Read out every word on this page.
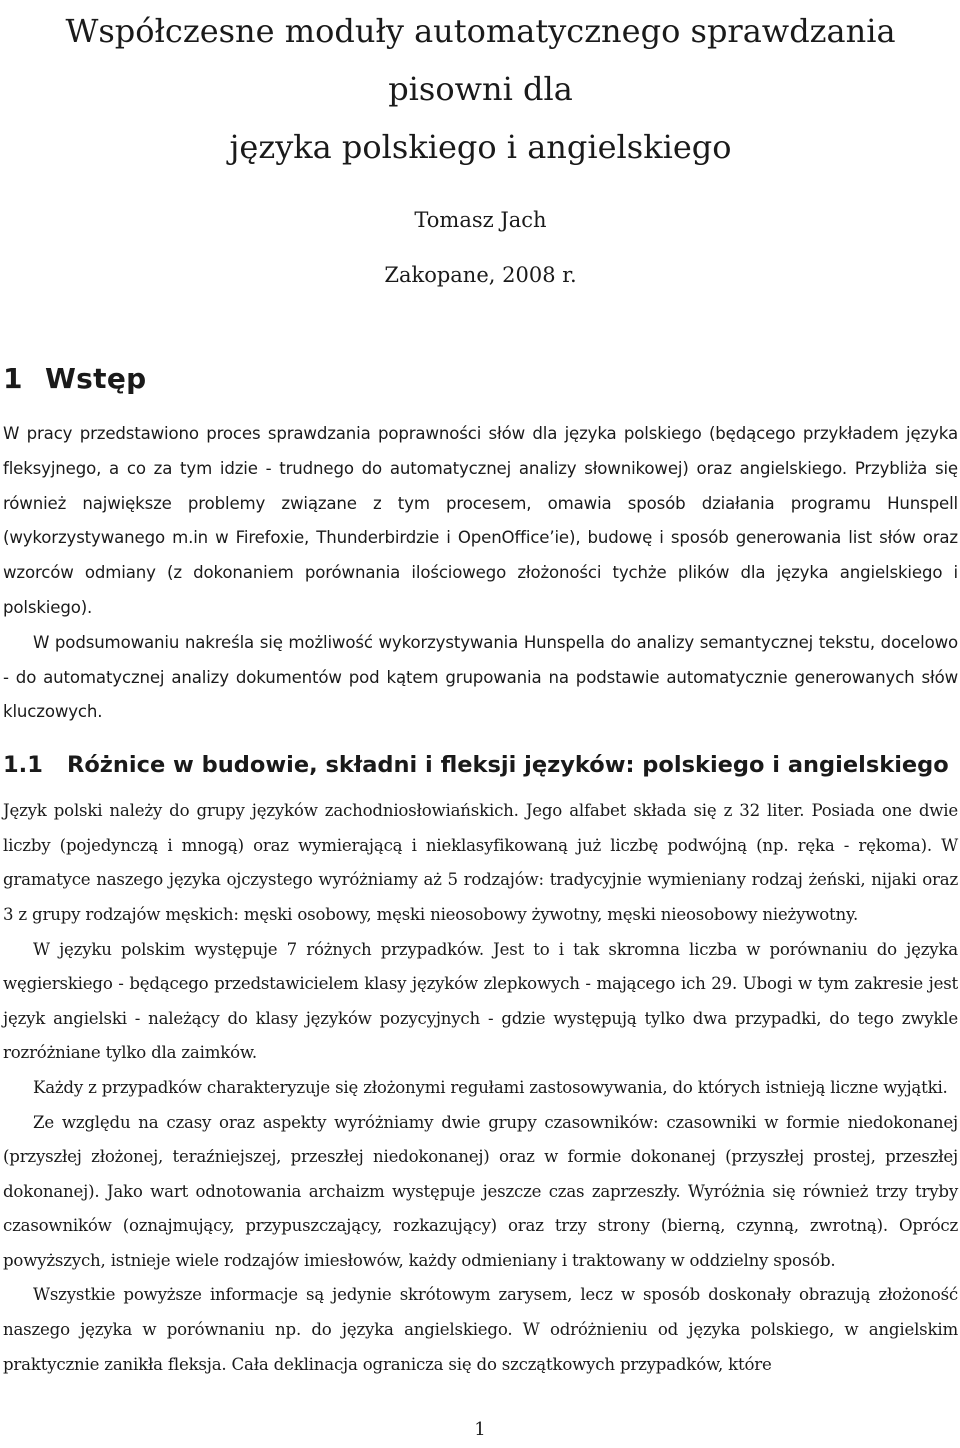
Współczesne moduły automatycznego sprawdzania pisowni dla
języka polskiego i angielskiego
Tomasz Jach
Zakopane, 2008 r.
1 Wstęp

W pracy przedstawiono proces sprawdzania poprawności słów dla języka polskiego (będącego przykładem języka fleksyjnego, a co za tym idzie - trudnego do automatycznej analizy słownikowej) oraz angielskiego. Przybliża się również największe problemy związane z tym procesem, omawia sposób działania programu Hunspell (wykorzystywanego m.in w Firefoxie, Thunderbirdzie i OpenOffice’ie), budowę i sposób generowania list słów oraz wzorców odmiany (z dokonaniem porównania ilościowego złożoności tychże plików dla języka angielskiego i polskiego).

W podsumowaniu nakreśla się możliwość wykorzystywania Hunspella do analizy semantycznej tekstu, docelowo - do automatycznej analizy dokumentów pod kątem grupowania na podstawie automatycznie generowanych słów kluczowych.

1.1 Różnice w budowie, składni i fleksji języków: polskiego i angielskiego

Język polski należy do grupy języków zachodniosłowiańskich. Jego alfabet składa się z 32 liter. Posiada one dwie liczby (pojedynczą i mnogą) oraz wymierającą i nieklasyfikowaną już liczbę podwójną (np. ręka - rękoma). W gramatyce naszego języka ojczystego wyróżniamy aż 5 rodzajów: tradycyjnie wymieniany rodzaj żeński, nijaki oraz 3 z grupy rodzajów męskich: męski osobowy, męski nieosobowy żywotny, męski nieosobowy nieżywotny.

W języku polskim występuje 7 różnych przypadków. Jest to i tak skromna liczba w porównaniu do języka węgierskiego - będącego przedstawicielem klasy języków zlepkowych - mającego ich 29. Ubogi w tym zakresie jest język angielski - należący do klasy języków pozycyjnych - gdzie występują tylko dwa przypadki, do tego zwykle rozróżniane tylko dla zaimków.

Każdy z przypadków charakteryzuje się złożonymi regułami zastosowywania, do których istnieją liczne wyjątki.

Ze względu na czasy oraz aspekty wyróżniamy dwie grupy czasowników: czasowniki w formie niedokonanej (przyszłej złożonej, teraźniejszej, przeszłej niedokonanej) oraz w formie dokonanej (przyszłej prostej, przeszłej dokonanej). Jako wart odnotowania archaizm występuje jeszcze czas zaprzeszły. Wyróżnia się również trzy tryby czasowników (oznajmujący, przypuszczający, rozkazujący) oraz trzy strony (bierną, czynną, zwrotną). Oprócz powyższych, istnieje wiele rodzajów imiesłowów, każdy odmieniany i traktowany w oddzielny sposób.

Wszystkie powyższe informacje są jedynie skrótowym zarysem, lecz w sposób doskonały obrazują złożoność naszego języka w porównaniu np. do języka angielskiego. W odróżnieniu od języka polskiego, w angielskim praktycznie zanikła fleksja. Cała deklinacja ogranicza się do szczątkowych przypadków, które

1
